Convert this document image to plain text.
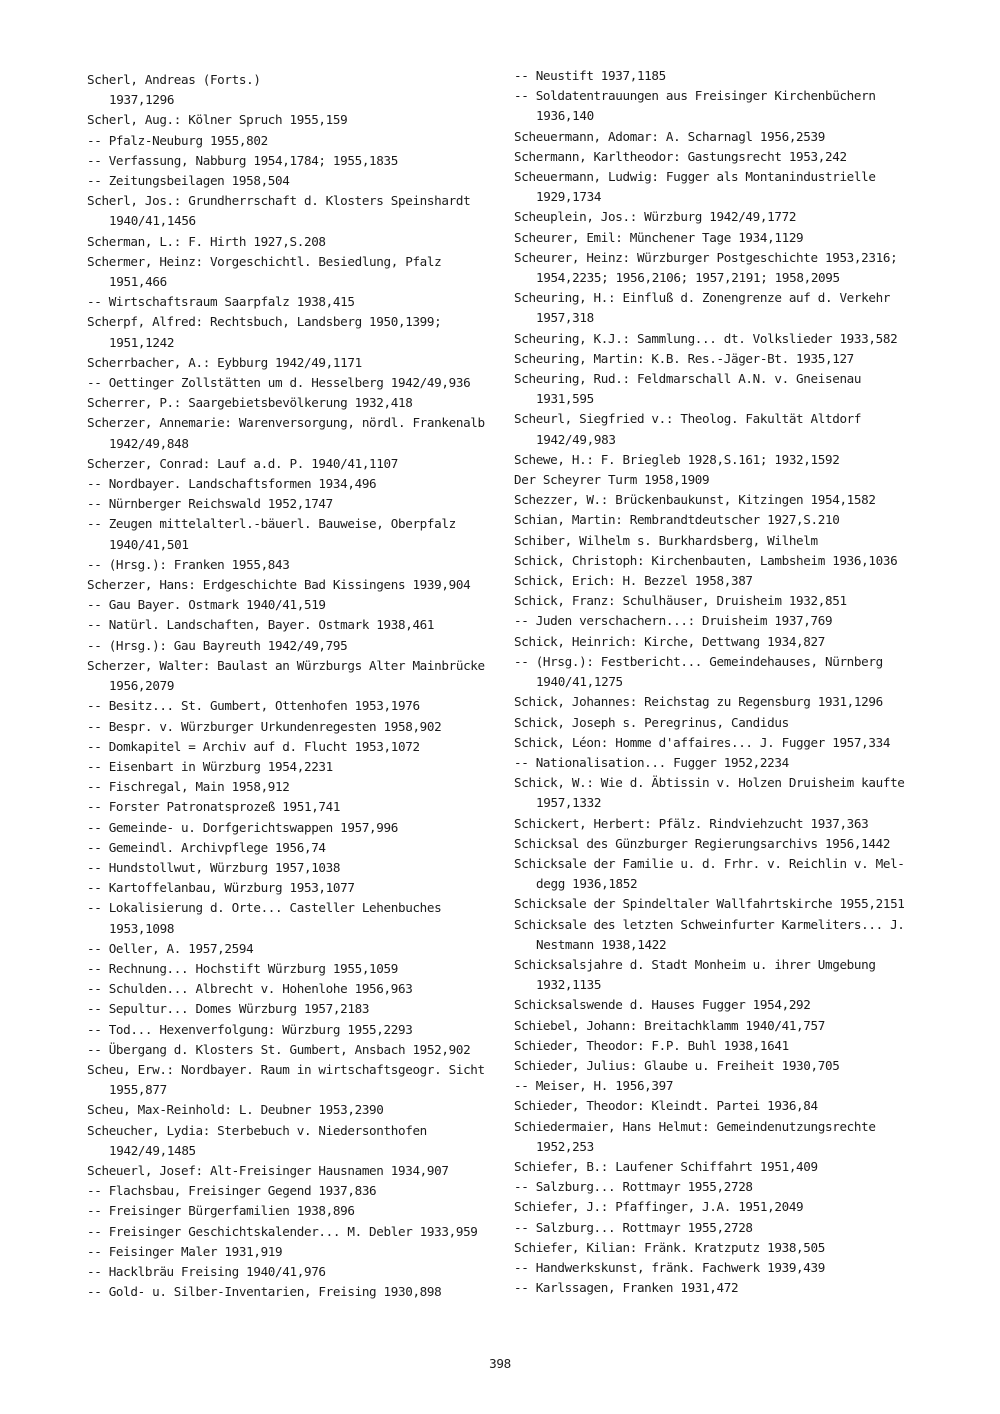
Scherl, Andreas (Forts.)
1937,1296
Scherl, Aug.: Kölner Spruch 1955,159
-- Pfalz-Neuburg 1955,802
-- Verfassung, Nabburg 1954,1784; 1955,1835
-- Zeitungsbeilagen 1958,504
Scherl, Jos.: Grundherrschaft d. Klosters Speinshardt
1940/41,1456
Scherman, L.: F. Hirth 1927,S.208
Schermer, Heinz: Vorgeschichtl. Besiedlung, Pfalz
1951,466
-- Wirtschaftsraum Saarpfalz 1938,415
Scherpf, Alfred: Rechtsbuch, Landsberg 1950,1399;
1951,1242
Scherrbacher, A.: Eybburg 1942/49,1171
-- Oettinger Zollstätten um d. Hesselberg 1942/49,936
Scherrer, P.: Saargebietsbevölkerung 1932,418
Scherzer, Annemarie: Warenversorgung, nördl. Frankenalb
1942/49,848
Scherzer, Conrad: Lauf a.d. P. 1940/41,1107
-- Nordbayer. Landschaftsformen 1934,496
-- Nürnberger Reichswald 1952,1747
-- Zeugen mittelalterl.-bäuerl. Bauweise, Oberpfalz
1940/41,501
-- (Hrsg.): Franken 1955,843
Scherzer, Hans: Erdgeschichte Bad Kissingens 1939,904
-- Gau Bayer. Ostmark 1940/41,519
-- Natürl. Landschaften, Bayer. Ostmark 1938,461
-- (Hrsg.): Gau Bayreuth 1942/49,795
Scherzer, Walter: Baulast an Würzburgs Alter Mainbrücke
1956,2079
-- Besitz... St. Gumbert, Ottenhofen 1953,1976
-- Bespr. v. Würzburger Urkundenregesten 1958,902
-- Domkapitel = Archiv auf d. Flucht 1953,1072
-- Eisenbart in Würzburg 1954,2231
-- Fischregal, Main 1958,912
-- Forster Patronatsprozeß 1951,741
-- Gemeinde- u. Dorfgerichtswappen 1957,996
-- Gemeindl. Archivpflege 1956,74
-- Hundstollwut, Würzburg 1957,1038
-- Kartoffelanbau, Würzburg 1953,1077
-- Lokalisierung d. Orte... Casteller Lehenbuches
1953,1098
-- Oeller, A. 1957,2594
-- Rechnung... Hochstift Würzburg 1955,1059
-- Schulden... Albrecht v. Hohenlohe 1956,963
-- Sepultur... Domes Würzburg 1957,2183
-- Tod... Hexenverfolgung: Würzburg 1955,2293
-- Übergang d. Klosters St. Gumbert, Ansbach 1952,902
Scheu, Erw.: Nordbayer. Raum in wirtschaftsgeogr. Sicht
1955,877
Scheu, Max-Reinhold: L. Deubner 1953,2390
Scheucher, Lydia: Sterbebuch v. Niedersonthofen
1942/49,1485
Scheuerl, Josef: Alt-Freisinger Hausnamen 1934,907
-- Flachsbau, Freisinger Gegend 1937,836
-- Freisinger Bürgerfamilien 1938,896
-- Freisinger Geschichtskalender... M. Debler 1933,959
-- Feisinger Maler 1931,919
-- Hacklbräu Freising 1940/41,976
-- Gold- u. Silber-Inventarien, Freising 1930,898
-- Neustift 1937,1185
-- Soldatentrauungen aus Freisinger Kirchenbüchern
1936,140
Scheuermann, Adomar: A. Scharnagl 1956,2539
Schermann, Karltheodor: Gastungsrecht 1953,242
Scheuermann, Ludwig: Fugger als Montanindustrielle
1929,1734
Scheuplein, Jos.: Würzburg 1942/49,1772
Scheurer, Emil: Münchener Tage 1934,1129
Scheurer, Heinz: Würzburger Postgeschichte 1953,2316;
1954,2235; 1956,2106; 1957,2191; 1958,2095
Scheuring, H.: Einfluß d. Zonengrenze auf d. Verkehr
1957,318
Scheuring, K.J.: Sammlung... dt. Volkslieder 1933,582
Scheuring, Martin: K.B. Res.-Jäger-Bt. 1935,127
Scheuring, Rud.: Feldmarschall A.N. v. Gneisenau
1931,595
Scheurl, Siegfried v.: Theolog. Fakultät Altdorf
1942/49,983
Schewe, H.: F. Briegleb 1928,S.161; 1932,1592
Der Scheyrer Turm 1958,1909
Schezzer, W.: Brückenbaukunst, Kitzingen 1954,1582
Schian, Martin: Rembrandtdeutscher 1927,S.210
Schiber, Wilhelm s. Burkhardsberg, Wilhelm
Schick, Christoph: Kirchenbauten, Lambsheim 1936,1036
Schick, Erich: H. Bezzel 1958,387
Schick, Franz: Schulhäuser, Druisheim 1932,851
-- Juden verschachern...: Druisheim 1937,769
Schick, Heinrich: Kirche, Dettwang 1934,827
-- (Hrsg.): Festbericht... Gemeindehauses, Nürnberg
1940/41,1275
Schick, Johannes: Reichstag zu Regensburg 1931,1296
Schick, Joseph s. Peregrinus, Candidus
Schick, Léon: Homme d'affaires... J. Fugger 1957,334
-- Nationalisation... Fugger 1952,2234
Schick, W.: Wie d. Äbtissin v. Holzen Druisheim kaufte
1957,1332
Schickert, Herbert: Pfälz. Rindviehzucht 1937,363
Schicksal des Günzburger Regierungsarchivs 1956,1442
Schicksale der Familie u. d. Frhr. v. Reichlin v. Mel-
degg 1936,1852
Schicksale der Spindeltaler Wallfahrtskirche 1955,2151
Schicksale des letzten Schweinfurter Karmeliters... J.
Nestmann 1938,1422
Schicksalsjahre d. Stadt Monheim u. ihrer Umgebung
1932,1135
Schicksalswende d. Hauses Fugger 1954,292
Schiebel, Johann: Breitachklamm 1940/41,757
Schieder, Theodor: F.P. Buhl 1938,1641
Schieder, Julius: Glaube u. Freiheit 1930,705
-- Meiser, H. 1956,397
Schieder, Theodor: Kleindt. Partei 1936,84
Schiedermaier, Hans Helmut: Gemeindenutzungsrechte
1952,253
Schiefer, B.: Laufener Schiffahrt 1951,409
-- Salzburg... Rottmayr 1955,2728
Schiefer, J.: Pfaffinger, J.A. 1951,2049
-- Salzburg... Rottmayr 1955,2728
Schiefer, Kilian: Fränk. Kratzputz 1938,505
-- Handwerkskunst, fränk. Fachwerk 1939,439
-- Karlssagen, Franken 1931,472
398
